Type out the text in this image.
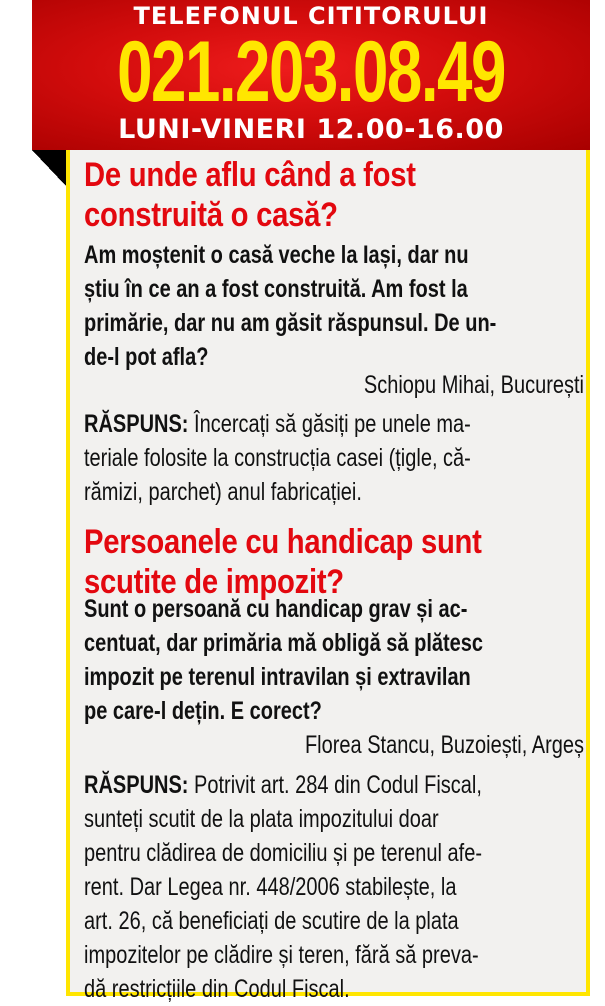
TELEFONUL CITITORULUI
021.203.08.49
LUNI-VINERI 12.00-16.00
De unde aflu când a fost
construită o casă?
Am moștenit o casă veche la Iași, dar nu
știu în ce an a fost construită. Am fost la
primărie, dar nu am găsit răspunsul. De un-
de-l pot afla?
Schiopu Mihai, București
RĂSPUNS: Încercați să găsiți pe unele ma-
teriale folosite la construcția casei (țigle, că-
rămizi, parchet) anul fabricației.
Persoanele cu handicap sunt
scutite de impozit?
Sunt o persoană cu handicap grav și ac-
centuat, dar primăria mă obligă să plătesc
impozit pe terenul intravilan și extravilan
pe care-l dețin. E corect?
Florea Stancu, Buzoiești, Argeș
RĂSPUNS: Potrivit art. 284 din Codul Fiscal,
sunteți scutit de la plata impozitului doar
pentru clădirea de domiciliu și pe terenul afe-
rent. Dar Legea nr. 448/2006 stabilește, la
art. 26, că beneficiați de scutire de la plata
impozitelor pe clădire și teren, fără să preva-
dă restricțiile din Codul Fiscal.
